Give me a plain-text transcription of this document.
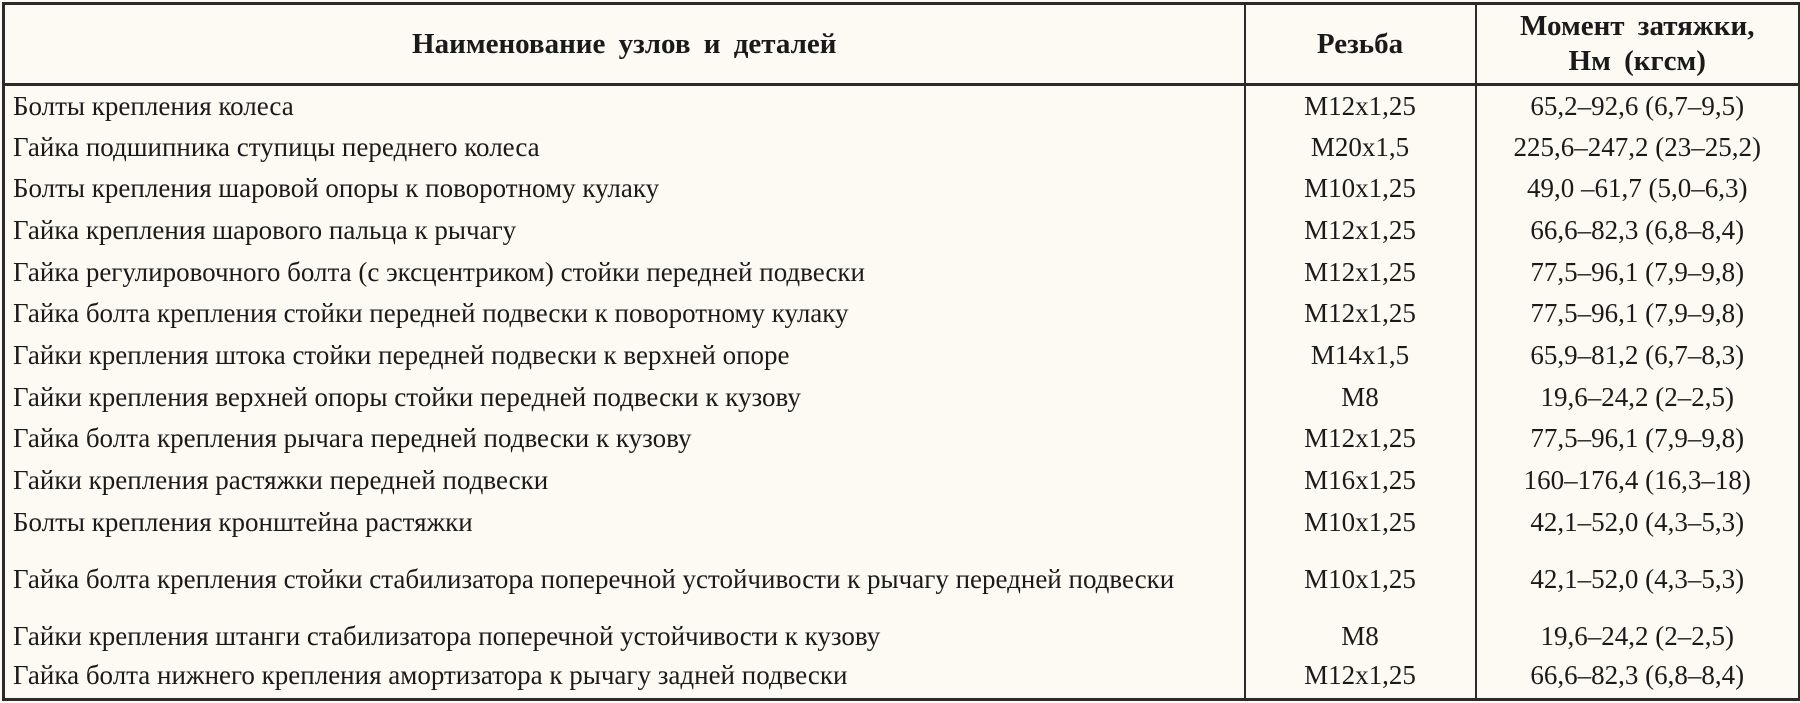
Наименование узлов и деталей	Резьба	Момент затяжки,
Нм (кгсм)
Болты крепления колеса	M12x1,25	65,2–92,6 (6,7–9,5)
Гайка подшипника ступицы переднего колеса	M20x1,5	225,6–247,2 (23–25,2)
Болты крепления шаровой опоры к поворотному кулаку	M10x1,25	49,0 –61,7 (5,0–6,3)
Гайка крепления шарового пальца к рычагу	M12x1,25	66,6–82,3 (6,8–8,4)
Гайка регулировочного болта (с эксцентриком) стойки передней подвески	M12x1,25	77,5–96,1 (7,9–9,8)
Гайка болта крепления стойки передней подвески к поворотному кулаку	M12x1,25	77,5–96,1 (7,9–9,8)
Гайки крепления штока стойки передней подвески к верхней опоре	M14x1,5	65,9–81,2 (6,7–8,3)
Гайки крепления верхней опоры стойки передней подвески к кузову	M8	19,6–24,2 (2–2,5)
Гайка болта крепления рычага передней подвески к кузову	M12x1,25	77,5–96,1 (7,9–9,8)
Гайки крепления растяжки передней подвески	M16x1,25	160–176,4 (16,3–18)
Болты крепления кронштейна растяжки	M10x1,25	42,1–52,0 (4,3–5,3)
Гайка болта крепления стойки стабилизатора поперечной устойчивости к рычагу передней подвески	M10x1,25	42,1–52,0 (4,3–5,3)
Гайки крепления штанги стабилизатора поперечной устойчивости к кузову	M8	19,6–24,2 (2–2,5)
Гайка болта нижнего крепления амортизатора к рычагу задней подвески	M12x1,25	66,6–82,3 (6,8–8,4)
